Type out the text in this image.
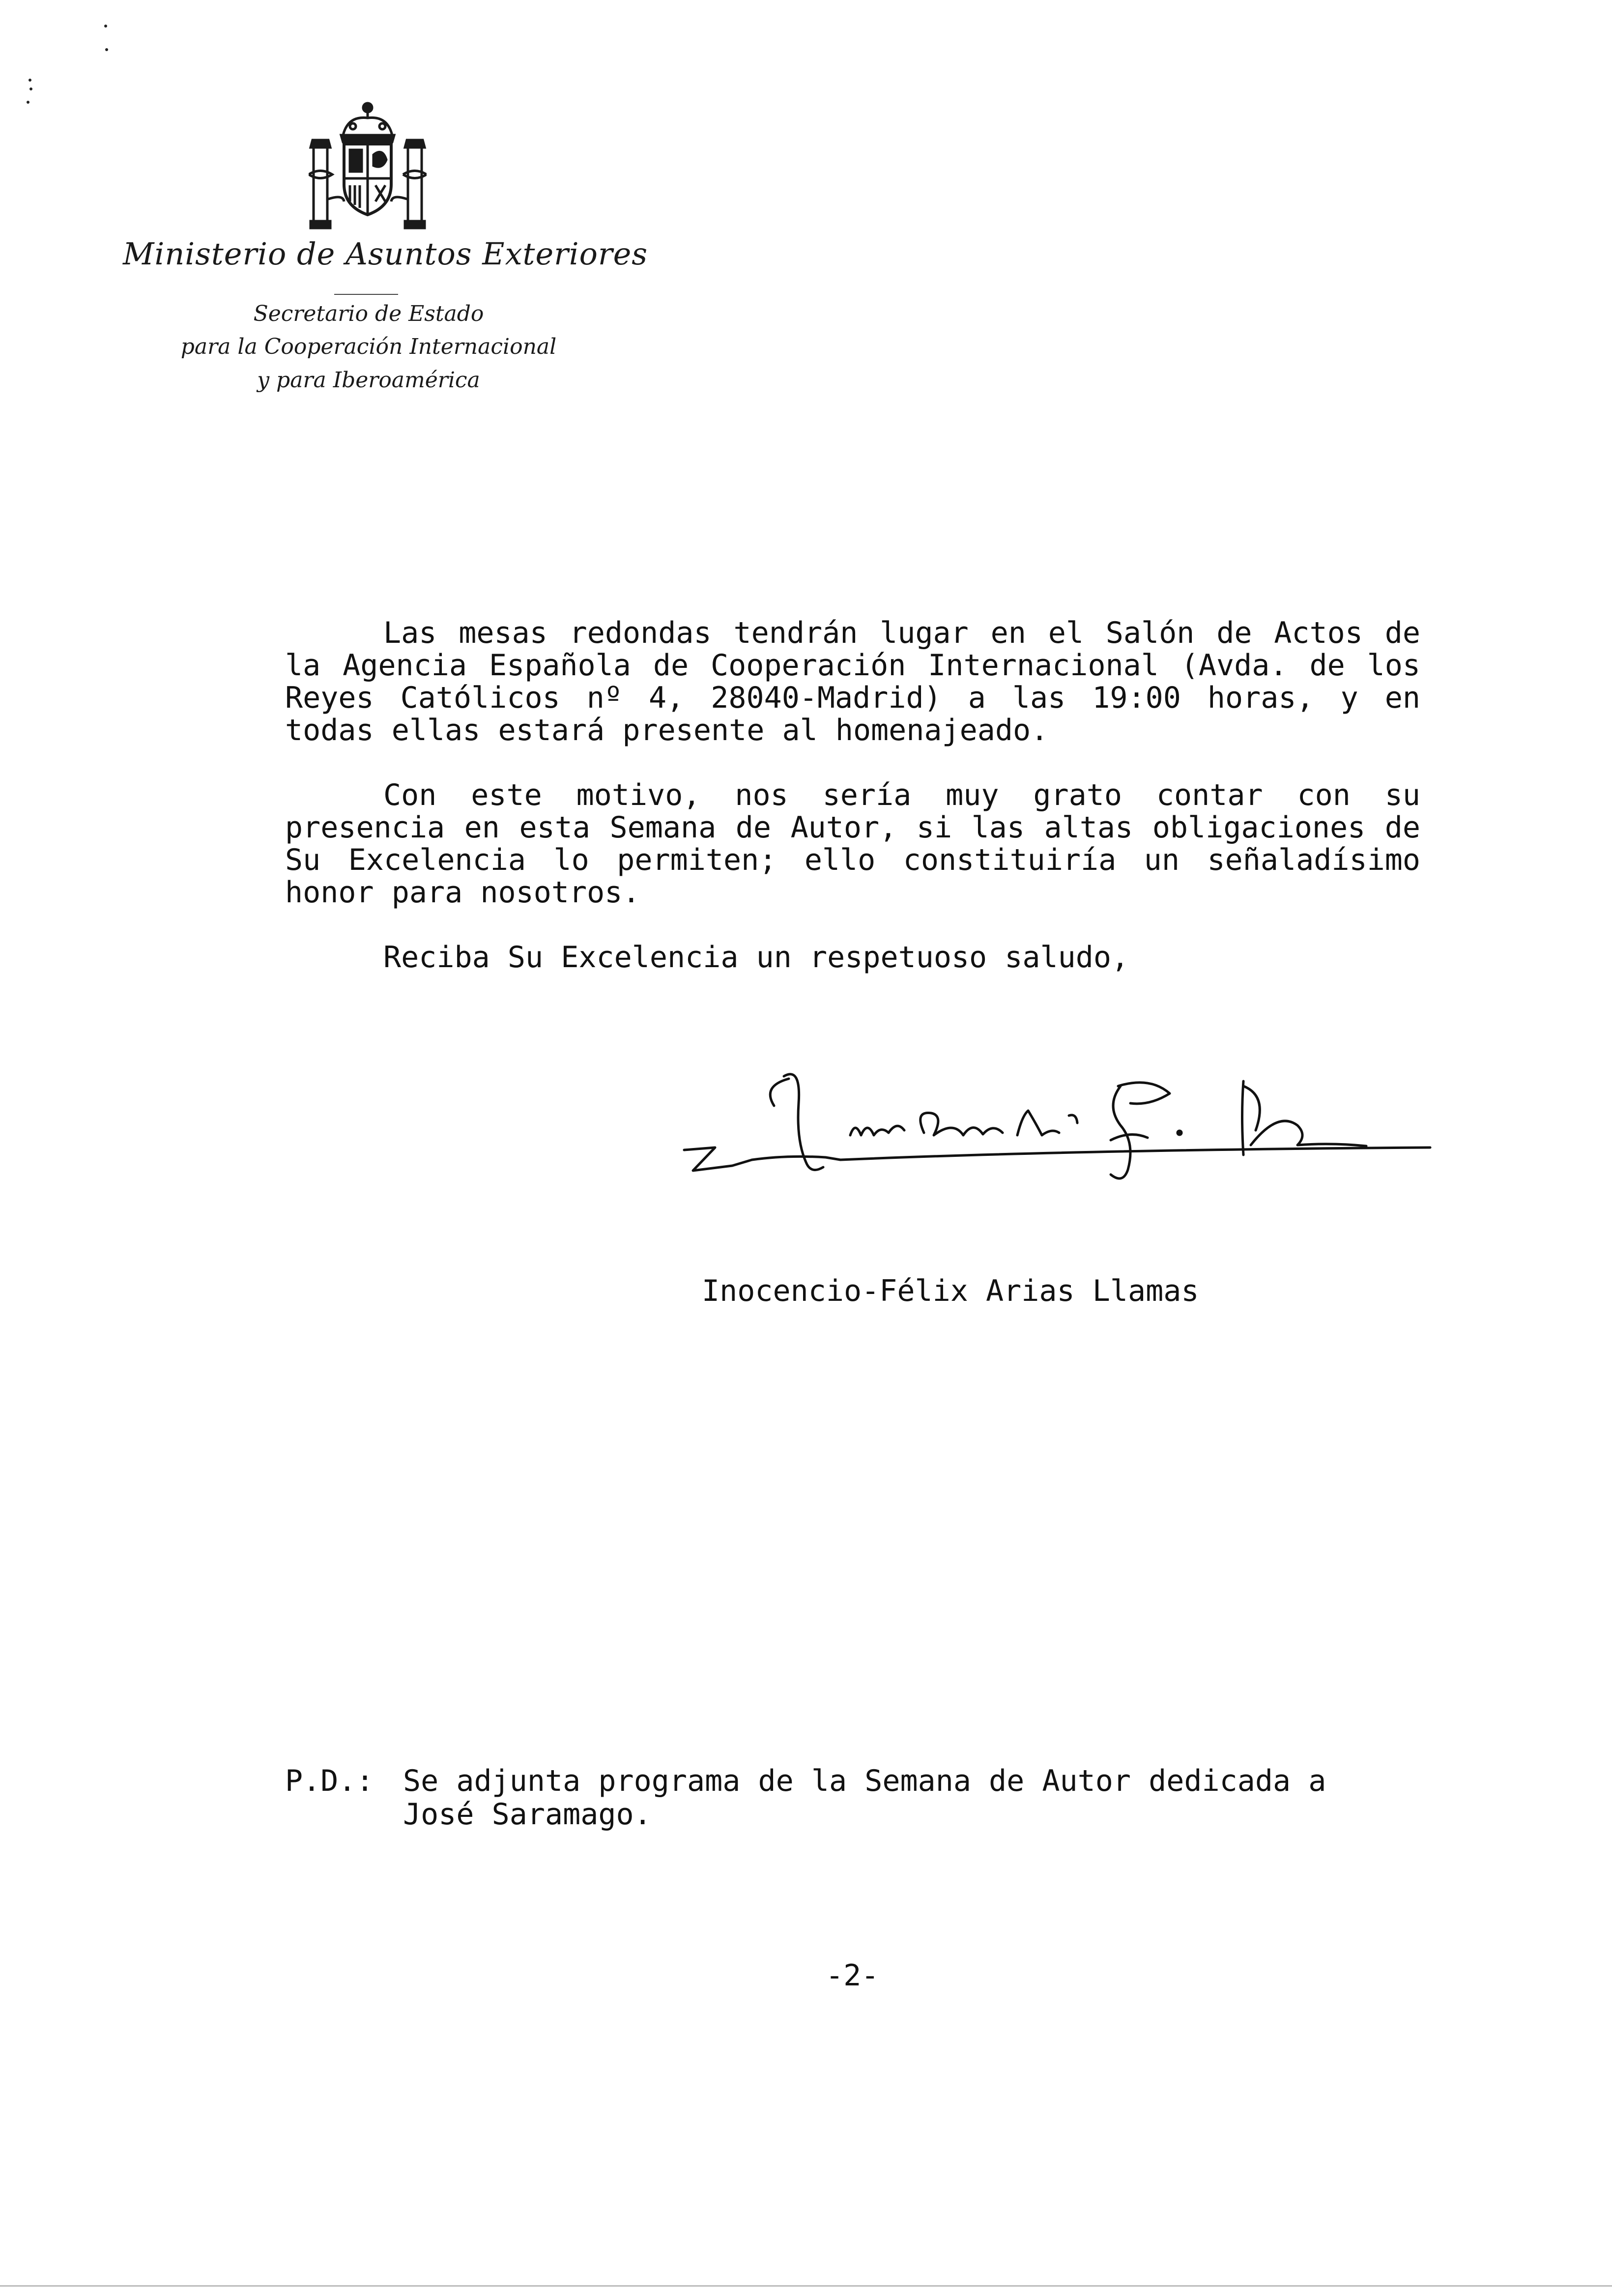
Ministerio de Asuntos Exteriores
Secretario de Estado
para la Cooperación Internacional
y para Iberoamérica

Las mesas redondas tendrán lugar en el Salón de Actos de la Agencia Española de Cooperación Internacional (Avda. de los Reyes Católicos nº 4, 28040-Madrid) a las 19:00 horas, y en todas ellas estará presente al homenajeado.

Con este motivo, nos sería muy grato contar con su presencia en esta Semana de Autor, si las altas obligaciones de Su Excelencia lo permiten; ello constituiría un señaladísimo honor para nosotros.

Reciba Su Excelencia un respetuoso saludo,

Inocencio-Félix Arias Llamas
P.D.: Se adjunta programa de la Semana de Autor dedicada a
José Saramago.
-2-
